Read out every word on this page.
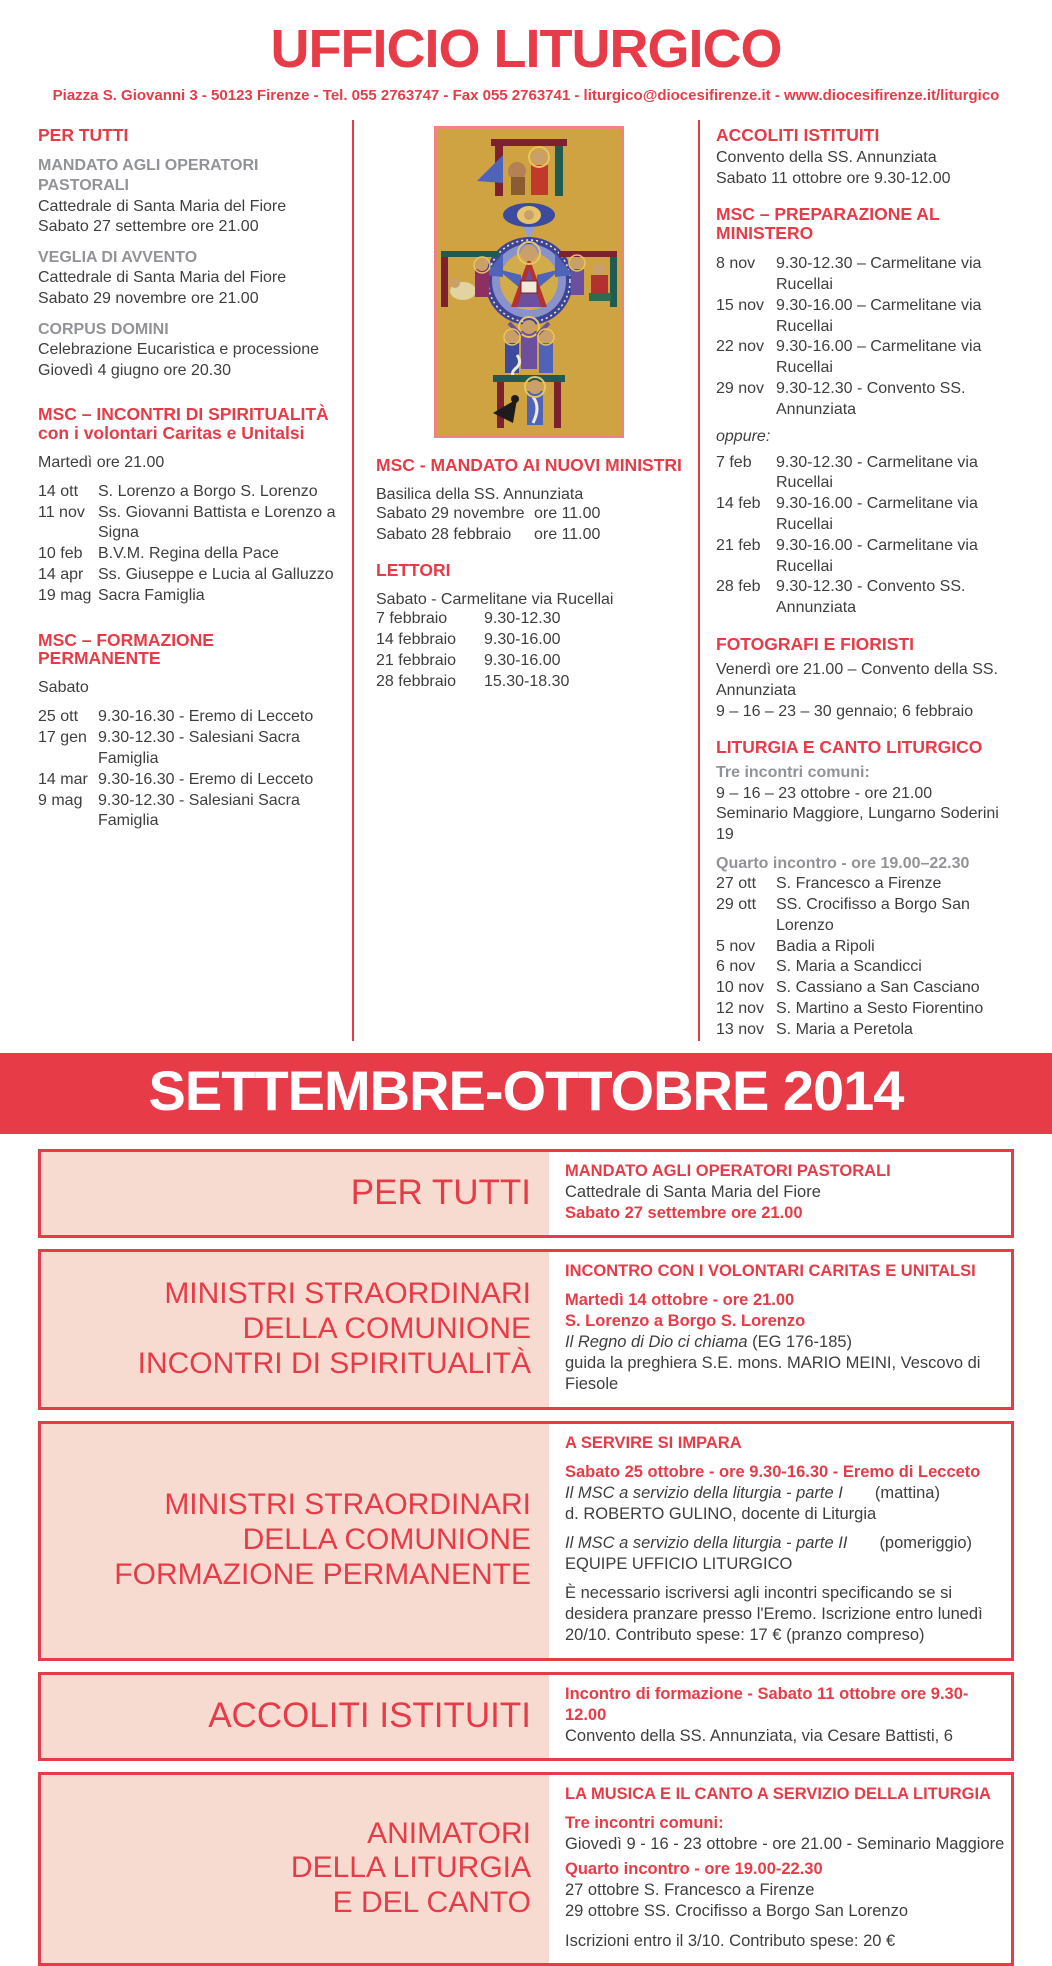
UFFICIO LITURGICO
Piazza S. Giovanni 3 - 50123 Firenze - Tel. 055 2763747 - Fax 055 2763741 - liturgico@diocesifirenze.it - www.diocesifirenze.it/liturgico
PER TUTTI
MANDATO AGLI OPERATORI PASTORALI
Cattedrale di Santa Maria del Fiore
Sabato 27 settembre ore 21.00
VEGLIA DI AVVENTO
Cattedrale di Santa Maria del Fiore
Sabato 29 novembre ore 21.00
CORPUS DOMINI
Celebrazione Eucaristica e processione
Giovedì 4 giugno ore 20.30
MSC – INCONTRI DI SPIRITUALITÀ
con i volontari Caritas e Unitalsi
Martedì ore 21.00
14 ott	S. Lorenzo a Borgo S. Lorenzo
11 nov Ss. Giovanni Battista e Lorenzo a Signa
10 feb B.V.M. Regina della Pace
14 apr Ss. Giuseppe e Lucia al Galluzzo
19 mag Sacra Famiglia
MSC – FORMAZIONE PERMANENTE
Sabato
25 ott	9.30-16.30 - Eremo di Lecceto
17 gen 9.30-12.30 - Salesiani Sacra Famiglia
14 mar 9.30-16.30 - Eremo di Lecceto
9 mag 9.30-12.30 - Salesiani Sacra Famiglia
MSC - MANDATO AI NUOVI MINISTRI
Basilica della SS. Annunziata
Sabato 29 novembre ore 11.00
Sabato 28 febbraio	ore 11.00
LETTORI
Sabato - Carmelitane via Rucellai
7 febbraio	9.30-12.30
14 febbraio	9.30-16.00
21 febbraio	9.30-16.00
28 febbraio	15.30-18.30
ACCOLITI ISTITUITI
Convento della SS. Annunziata
Sabato 11 ottobre ore 9.30-12.00
MSC – PREPARAZIONE AL MINISTERO
8 nov	9.30-12.30 – Carmelitane via Rucellai
15 nov 9.30-16.00 – Carmelitane via Rucellai
22 nov 9.30-16.00 – Carmelitane via Rucellai
29 nov 9.30-12.30 - Convento SS. Annunziata
oppure:
7 feb	9.30-12.30 - Carmelitane via Rucellai
14 feb 9.30-16.00 - Carmelitane via Rucellai
21 feb 9.30-16.00 - Carmelitane via Rucellai
28 feb 9.30-12.30 - Convento SS. Annunziata
FOTOGRAFI E FIORISTI
Venerdì ore 21.00 – Convento della SS. Annunziata
9 – 16 – 23 – 30 gennaio; 6 febbraio
LITURGIA E CANTO LITURGICO
Tre incontri comuni:
9 – 16 – 23 ottobre - ore 21.00
Seminario Maggiore, Lungarno Soderini 19
Quarto incontro - ore 19.00–22.30
27 ott	S. Francesco a Firenze
29 ott	SS. Crocifisso a Borgo San Lorenzo
5 nov	Badia a Ripoli
6 nov	S. Maria a Scandicci
10 nov S. Cassiano a San Casciano
12 nov S. Martino a Sesto Fiorentino
13 nov S. Maria a Peretola
SETTEMBRE-OTTOBRE 2014
PER TUTTI
MANDATO AGLI OPERATORI PASTORALI
Cattedrale di Santa Maria del Fiore
Sabato 27 settembre ore 21.00
MINISTRI STRAORDINARI
DELLA COMUNIONE
INCONTRI DI SPIRITUALITÀ
INCONTRO CON I VOLONTARI CARITAS E UNITALSI
Martedì 14 ottobre - ore 21.00
S. Lorenzo a Borgo S. Lorenzo
Il Regno di Dio ci chiama (EG 176-185)
guida la preghiera S.E. mons. MARIO MEINI, Vescovo di Fiesole
MINISTRI STRAORDINARI
DELLA COMUNIONE
FORMAZIONE PERMANENTE
A SERVIRE SI IMPARA
Sabato 25 ottobre - ore 9.30-16.30 - Eremo di Lecceto
Il MSC a servizio della liturgia - parte I (mattina)
d. ROBERTO GULINO, docente di Liturgia
Il MSC a servizio della liturgia - parte II (pomeriggio)
EQUIPE UFFICIO LITURGICO
È necessario iscriversi agli incontri specificando se si desidera pranzare presso l'Eremo. Iscrizione entro lunedì 20/10. Contributo spese: 17 € (pranzo compreso)
ACCOLITI ISTITUITI
Incontro di formazione - Sabato 11 ottobre ore 9.30-12.00
Convento della SS. Annunziata, via Cesare Battisti, 6
ANIMATORI
DELLA LITURGIA
E DEL CANTO
LA MUSICA E IL CANTO A SERVIZIO DELLA LITURGIA
Tre incontri comuni:
Giovedì 9 - 16 - 23 ottobre - ore 21.00 - Seminario Maggiore
Quarto incontro - ore 19.00-22.30
27 ottobre S. Francesco a Firenze
29 ottobre SS. Crocifisso a Borgo San Lorenzo
Iscrizioni entro il 3/10. Contributo spese: 20 €
